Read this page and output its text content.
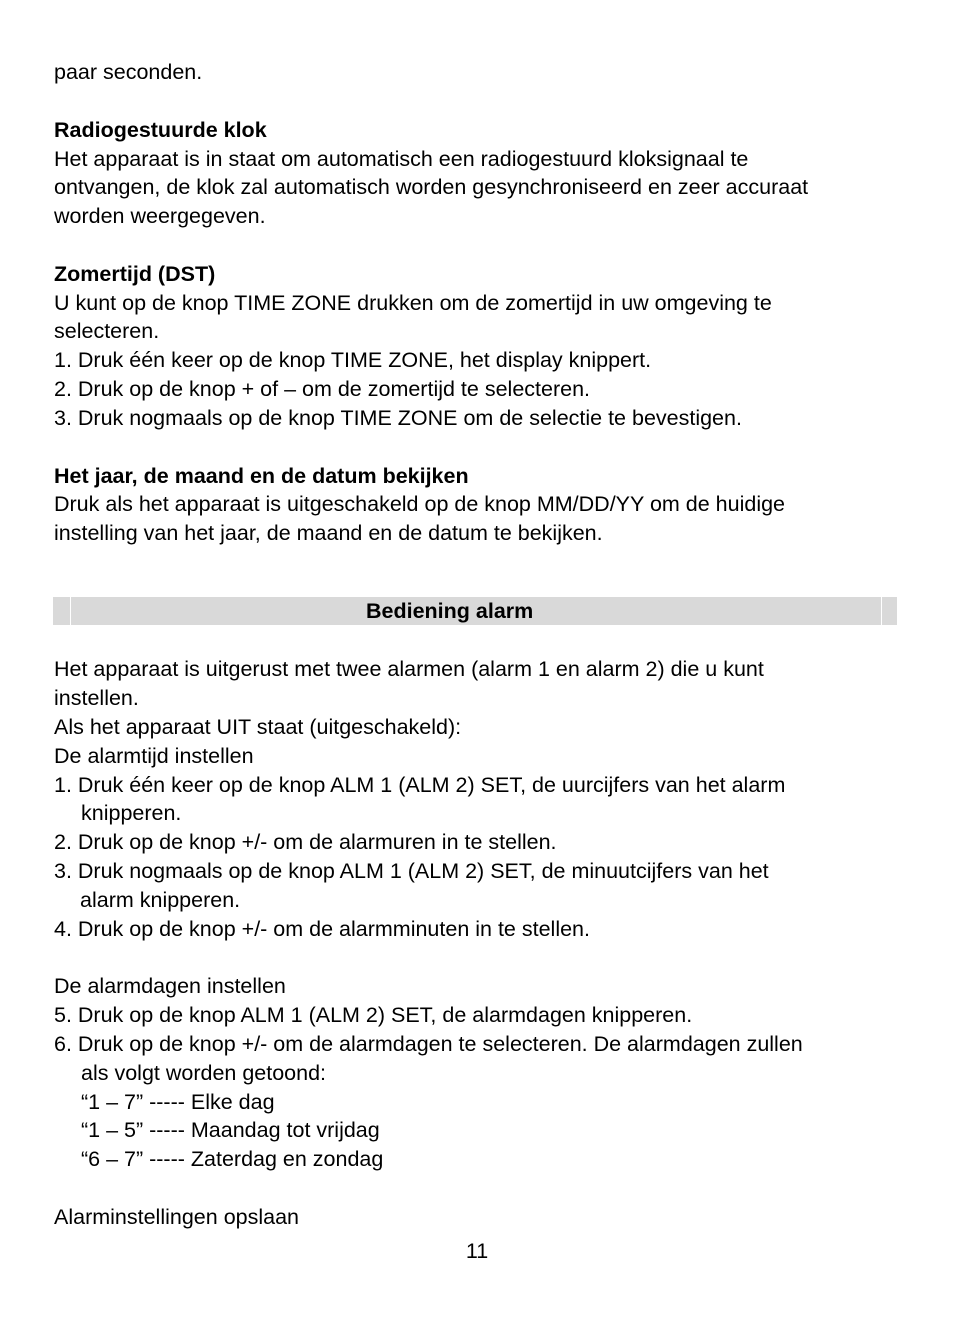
paar seconden.
Radiogestuurde klok
Het apparaat is in staat om automatisch een radiogestuurd kloksignaal te
ontvangen, de klok zal automatisch worden gesynchroniseerd en zeer accuraat
worden weergegeven.
Zomertijd (DST)
U kunt op de knop TIME ZONE drukken om de zomertijd in uw omgeving te
selecteren.
1. Druk één keer op de knop TIME ZONE, het display knippert.
2. Druk op de knop + of – om de zomertijd te selecteren.
3. Druk nogmaals op de knop TIME ZONE om de selectie te bevestigen.
Het jaar, de maand en de datum bekijken
Druk als het apparaat is uitgeschakeld op de knop MM/DD/YY om de huidige
instelling van het jaar, de maand en de datum te bekijken.
Bediening alarm
Het apparaat is uitgerust met twee alarmen (alarm 1 en alarm 2) die u kunt
instellen.
Als het apparaat UIT staat (uitgeschakeld):
De alarmtijd instellen
1. Druk één keer op de knop ALM 1 (ALM 2) SET, de uurcijfers van het alarm
knipperen.
2. Druk op de knop +/- om de alarmuren in te stellen.
3. Druk nogmaals op de knop ALM 1 (ALM 2) SET, de minuutcijfers van het
alarm knipperen.
4. Druk op de knop +/- om de alarmminuten in te stellen.
De alarmdagen instellen
5. Druk op de knop ALM 1 (ALM 2) SET, de alarmdagen knipperen.
6. Druk op de knop +/- om de alarmdagen te selecteren. De alarmdagen zullen
als volgt worden getoond:
“1 – 7” ----- Elke dag
“1 – 5” ----- Maandag tot vrijdag
“6 – 7” ----- Zaterdag en zondag
Alarminstellingen opslaan
11
